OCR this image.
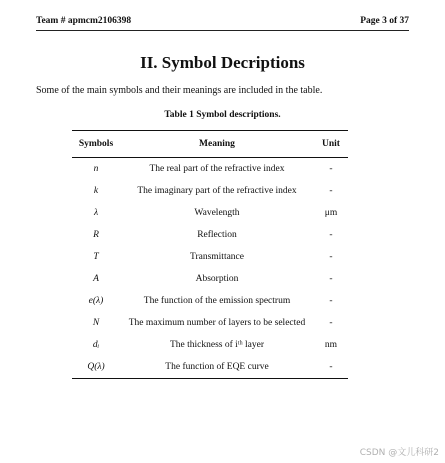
Team # apmcm2106398	Page 3 of 37
II. Symbol Decriptions
Some of the main symbols and their meanings are included in the table.
Table 1 Symbol descriptions.
Symbols	Meaning	Unit
n	The real part of the refractive index	-
k	The imaginary part of the refractive index	-
λ	Wavelength	μm
R	Reflection	-
T	Transmittance	-
A	Absorption	-
e(λ)	The function of the emission spectrum	-
N	The maximum number of layers to be selected	-
dᵢ	The thickness of iᵗʰ layer	nm
Q(λ)	The function of EQE curve	-
CSDN @文儿科研2
